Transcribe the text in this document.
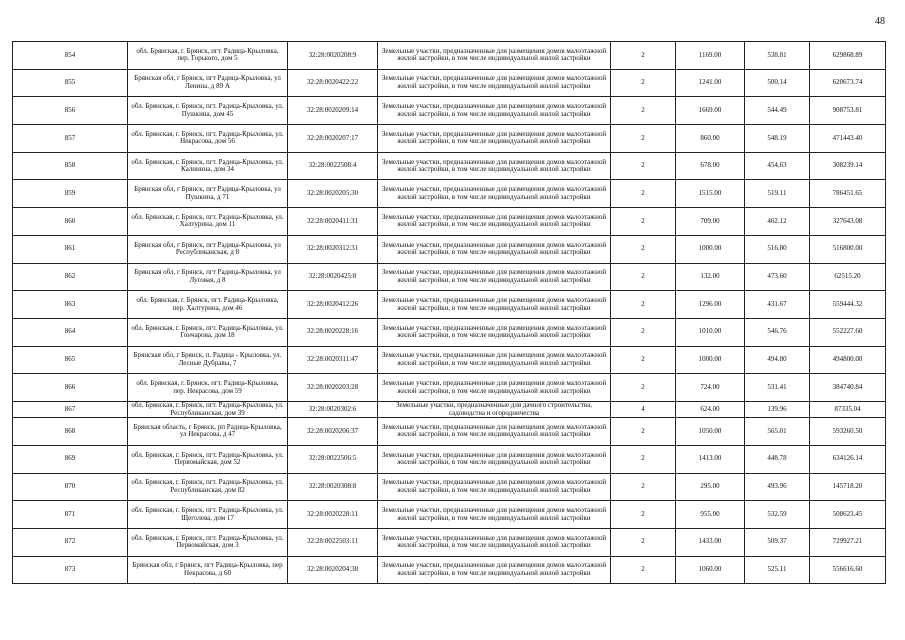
48
854	обл. Брянская, г. Брянск, пгт. Радица-Крыловка, пер. Горького, дом 5	32:28:0020208:9	Земельные участки, предназначенные для размещения домов малоэтажной жилой застройки, в том числе индивидуальной жилой застройки	2	1169.00	538.81	629868.89
855	Брянская обл, г Брянск, пгт Радица-Крыловка, ул Ленина, д 89 А	32:28:0020422:22	Земельные участки, предназначенные для размещения домов малоэтажной жилой застройки, в том числе индивидуальной жилой застройки	2	1241.00	500.14	620673.74
856	обл. Брянская, г. Брянск, пгт. Радица-Крыловка, ул. Пушкина, дом 45	32:28:0020209:14	Земельные участки, предназначенные для размещения домов малоэтажной жилой застройки, в том числе индивидуальной жилой застройки	2	1669.00	544.49	908753.81
857	обл. Брянская, г. Брянск, пгт. Радица-Крыловка, ул. Некрасова, дом 56	32:28:0020207:17	Земельные участки, предназначенные для размещения домов малоэтажной жилой застройки, в том числе индивидуальной жилой застройки	2	860.00	548.19	471443.40
858	обл. Брянская, г. Брянск, пгт. Радица-Крыловка, ул. Калинина, дом 34	32:28:0022508:4	Земельные участки, предназначенные для размещения домов малоэтажной жилой застройки, в том числе индивидуальной жилой застройки	2	678.00	454.63	308239.14
859	Брянская обл, г Брянск, пгт Радица-Крыловка, ул Пушкина, д 71	32:28:0020205:30	Земельные участки, предназначенные для размещения домов малоэтажной жилой застройки, в том числе индивидуальной жилой застройки	2	1515.00	519.11	786451.65
860	обл. Брянская, г. Брянск, пгт. Радица-Крыловка, ул. Халтурина, дом 11	32:28:0020411:31	Земельные участки, предназначенные для размещения домов малоэтажной жилой застройки, в том числе индивидуальной жилой застройки	2	709.00	462.12	327643.08
861	Брянская обл, г Брянск, пгт Радица-Крыловка, ул Республиканская, д 8	32:28:0020312:31	Земельные участки, предназначенные для размещения домов малоэтажной жилой застройки, в том числе индивидуальной жилой застройки	2	1000.00	516.80	516800.00
862	Брянская обл, г Брянск, пгт Радица-Крыловка, ул Луговая, д 8	32:28:0020425:8	Земельные участки, предназначенные для размещения домов малоэтажной жилой застройки, в том числе индивидуальной жилой застройки	2	132.00	473.60	62515.20
863	обл. Брянская, г. Брянск, пгт. Радица-Крыловка, пер. Халтурина, дом 46	32:28:0020412:26	Земельные участки, предназначенные для размещения домов малоэтажной жилой застройки, в том числе индивидуальной жилой застройки	2	1296.00	431.67	559444.32
864	обл. Брянская, г. Брянск, пгт. Радица-Крыловка, ул. Гончарова, дом 18	32:28:0020228:16	Земельные участки, предназначенные для размещения домов малоэтажной жилой застройки, в том числе индивидуальной жилой застройки	2	1010.00	546.76	552227.60
865	Брянская обл, г Брянск, п. Радица - Крыловка, ул. Лесные Дубравы, 7	32:28:0020311:47	Земельные участки, предназначенные для размещения домов малоэтажной жилой застройки, в том числе индивидуальной жилой застройки	2	1000.00	494.80	494800.00
866	обл. Брянская, г. Брянск, пгт. Радица-Крыловка, пер. Некрасова, дом 59	32:28:0020203:28	Земельные участки, предназначенные для размещения домов малоэтажной жилой застройки, в том числе индивидуальной жилой застройки	2	724.00	531.41	384740.84
867	обл. Брянская, г. Брянск, пгт. Радица-Крыловка, ул. Республиканская, дом 39	32:28:0020302:6	Земельные участки, предназначенные для дачного строительства, садоводства и огородничества	4	624.00	139.96	87335.04
868	Брянская область, г Брянск, рп Радица-Крыловка, ул Некрасова, д 47	32:28:0020206:37	Земельные участки, предназначенные для размещения домов малоэтажной жилой застройки, в том числе индивидуальной жилой застройки	2	1050.00	565.01	593260.50
869	обл. Брянская, г. Брянск, пгт. Радица-Крыловка, ул. Первомайская, дом 52	32:28:0022506:5	Земельные участки, предназначенные для размещения домов малоэтажной жилой застройки, в том числе индивидуальной жилой застройки	2	1413.00	448.78	634126.14
870	обл. Брянская, г. Брянск, пгт. Радица-Крыловка, ул. Республиканская, дом 82	32:28:0020308:8	Земельные участки, предназначенные для размещения домов малоэтажной жилой застройки, в том числе индивидуальной жилой застройки	2	295.00	493.96	145718.20
871	обл. Брянская, г. Брянск, пгт. Радица-Крыловка, ул. Щеголева, дом 17	32:28:0020228:11	Земельные участки, предназначенные для размещения домов малоэтажной жилой застройки, в том числе индивидуальной жилой застройки	2	955.00	532.59	508623.45
872	обл. Брянская, г. Брянск, пгт. Радица-Крыловка, ул. Первомайская, дом 3	32:28:0022503:11	Земельные участки, предназначенные для размещения домов малоэтажной жилой застройки, в том числе индивидуальной жилой застройки	2	1433.00	509.37	729927.21
873	Брянская обл, г Брянск, пгт Радица-Крыловка, пер Некрасова, д 60	32:28:0020204:38	Земельные участки, предназначенные для размещения домов малоэтажной жилой застройки, в том числе индивидуальной жилой застройки	2	1060.00	525.11	556616.60
